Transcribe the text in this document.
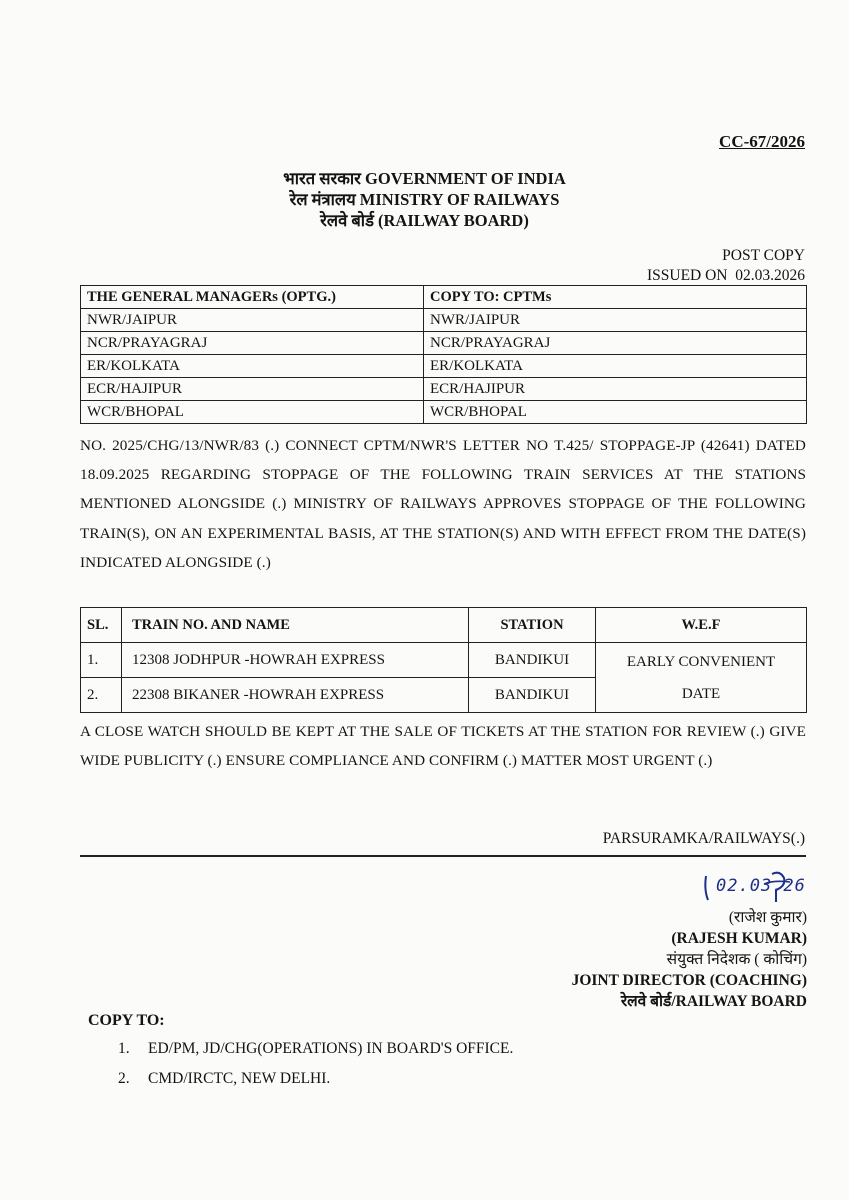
CC-67/2026
भारत सरकार GOVERNMENT OF INDIA
रेल मंत्रालय MINISTRY OF RAILWAYS
रेलवे बोर्ड (RAILWAY BOARD)
POST COPY
ISSUED ON  02.03.2026
THE GENERAL MANAGERs (OPTG.)	COPY TO: CPTMs
NWR/JAIPUR	NWR/JAIPUR
NCR/PRAYAGRAJ	NCR/PRAYAGRAJ
ER/KOLKATA	ER/KOLKATA
ECR/HAJIPUR	ECR/HAJIPUR
WCR/BHOPAL	WCR/BHOPAL
NO. 2025/CHG/13/NWR/83 (.) CONNECT CPTM/NWR'S LETTER NO T.425/ STOPPAGE-JP (42641) DATED 18.09.2025 REGARDING STOPPAGE OF THE FOLLOWING TRAIN SERVICES AT THE STATIONS MENTIONED ALONGSIDE (.) MINISTRY OF RAILWAYS APPROVES STOPPAGE OF THE FOLLOWING TRAIN(S), ON AN EXPERIMENTAL BASIS, AT THE STATION(S) AND WITH EFFECT FROM THE DATE(S) INDICATED ALONGSIDE (.)
SL.	TRAIN NO. AND NAME	STATION	W.E.F
1.	12308 JODHPUR -HOWRAH EXPRESS	BANDIKUI	EARLY CONVENIENT
DATE
2.	22308 BIKANER -HOWRAH EXPRESS	BANDIKUI	
A CLOSE WATCH SHOULD BE KEPT AT THE SALE OF TICKETS AT THE STATION FOR REVIEW (.) GIVE WIDE PUBLICITY (.) ENSURE COMPLIANCE AND CONFIRM (.) MATTER MOST URGENT (.)
PARSURAMKA/RAILWAYS(.)
02.03.26
(राजेश कुमार)
(RAJESH KUMAR)
संयुक्त निदेशक ( कोचिंग)
JOINT DIRECTOR (COACHING)
रेलवे बोर्ड/RAILWAY BOARD
COPY TO:
1. ED/PM, JD/CHG(OPERATIONS) IN BOARD'S OFFICE.
2. CMD/IRCTC, NEW DELHI.
